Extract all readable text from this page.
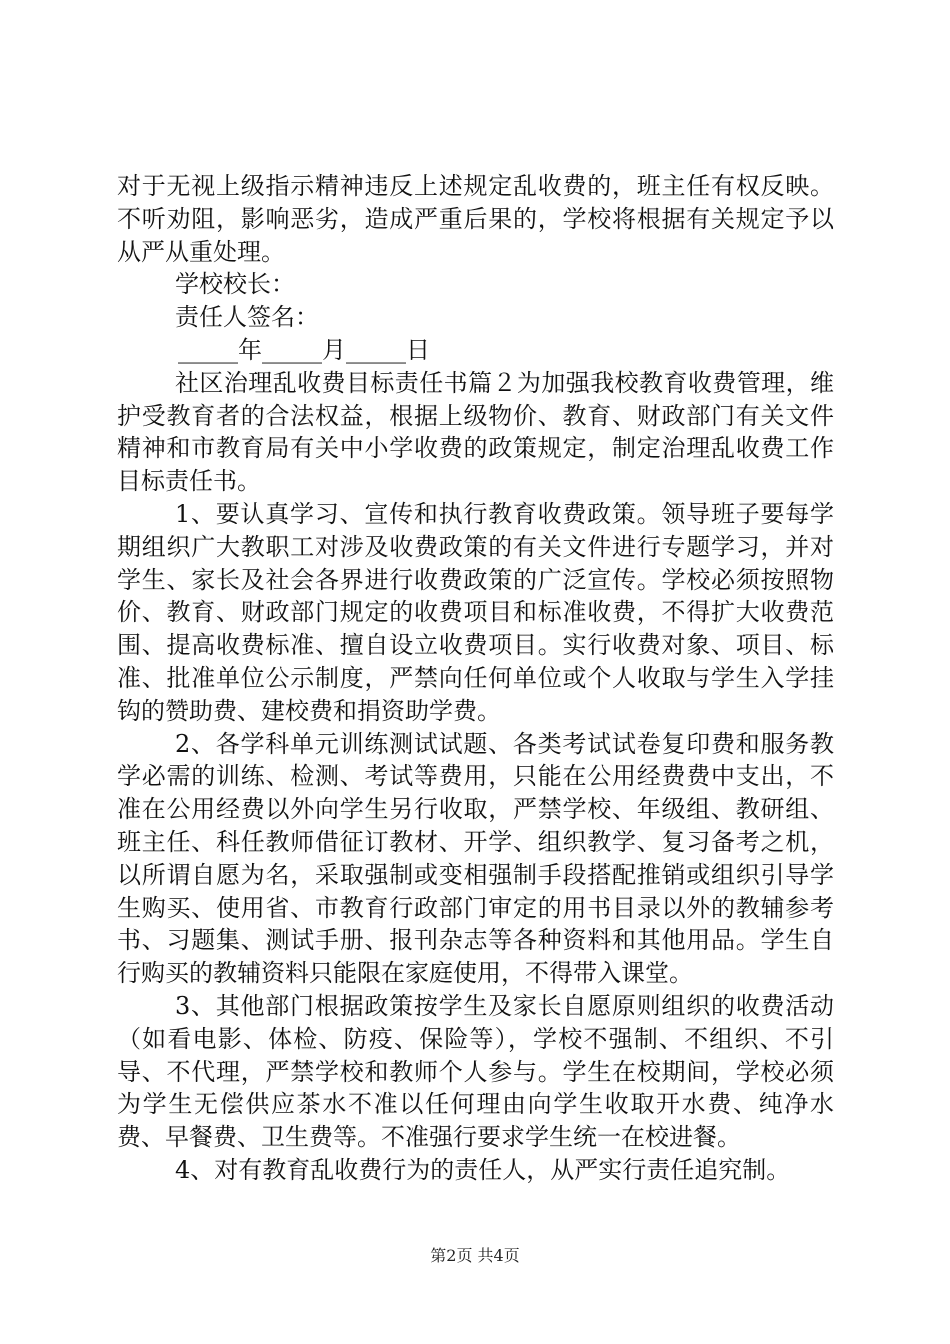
对于无视上级指示精神违反上述规定乱收费的，班主任有权反映。不听劝阻，影响恶劣，造成严重后果的，学校将根据有关规定予以从严从重处理。

学校校长：

责任人签名：

_____年_____月_____日

社区治理乱收费目标责任书篇２为加强我校教育收费管理，维护受教育者的合法权益，根据上级物价、教育、财政部门有关文件精神和市教育局有关中小学收费的政策规定，制定治理乱收费工作目标责任书。

1、要认真学习、宣传和执行教育收费政策。领导班子要每学期组织广大教职工对涉及收费政策的有关文件进行专题学习，并对学生、家长及社会各界进行收费政策的广泛宣传。学校必须按照物价、教育、财政部门规定的收费项目和标准收费，不得扩大收费范围、提高收费标准、擅自设立收费项目。实行收费对象、项目、标准、批准单位公示制度，严禁向任何单位或个人收取与学生入学挂钩的赞助费、建校费和捐资助学费。

2、各学科单元训练测试试题、各类考试试卷复印费和服务教学必需的训练、检测、考试等费用，只能在公用经费费中支出，不准在公用经费以外向学生另行收取，严禁学校、年级组、教研组、班主任、科任教师借征订教材、开学、组织教学、复习备考之机，以所谓自愿为名，采取强制或变相强制手段搭配推销或组织引导学生购买、使用省、市教育行政部门审定的用书目录以外的教辅参考书、习题集、测试手册、报刊杂志等各种资料和其他用品。学生自行购买的教辅资料只能限在家庭使用，不得带入课堂。

3、其他部门根据政策按学生及家长自愿原则组织的收费活动（如看电影、体检、防疫、保险等），学校不强制、不组织、不引导、不代理，严禁学校和教师个人参与。学生在校期间，学校必须为学生无偿供应茶水不准以任何理由向学生收取开水费、纯净水费、早餐费、卫生费等。不准强行要求学生统一在校进餐。

4、对有教育乱收费行为的责任人，从严实行责任追究制。

第2页 共4页
